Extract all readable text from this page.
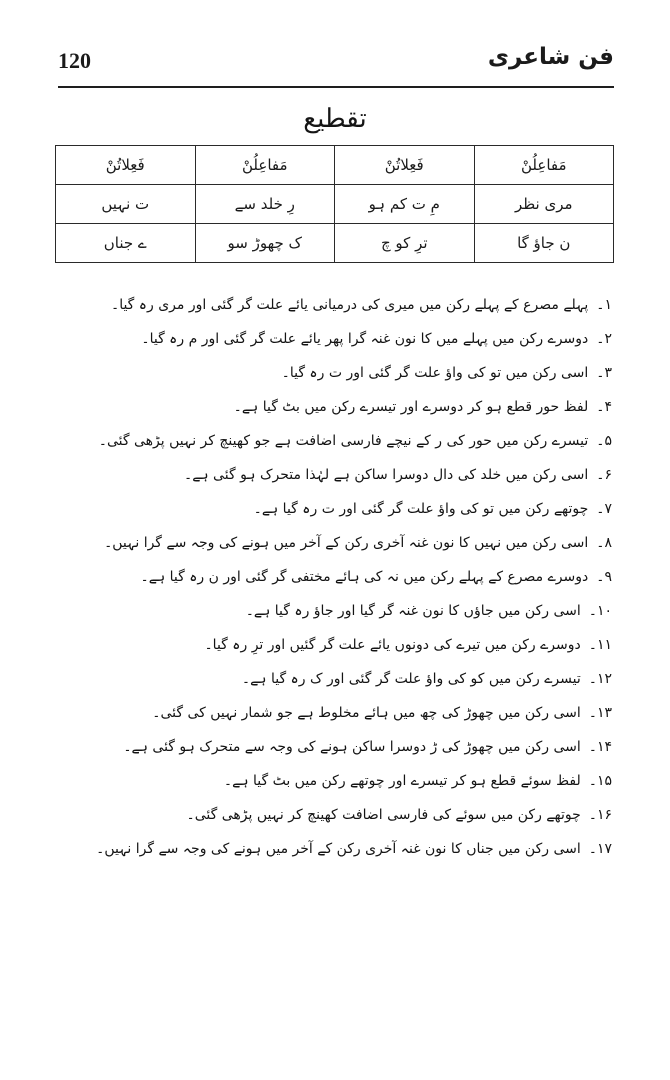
120	فن شاعری
تقطیع
مَفاعِلُنْ	فَعِلاتُنْ	مَفاعِلُنْ	فَعِلاتُنْ
مری نظر	مِ ت کم ہو	رِ خلد سے	ت نہیں
ن جاؤ گا	ترِ کو چ	ک چھوڑ سو	ے جناں
۱۔پہلے مصرع کے پہلے رکن میں میری کی درمیانی یائے علت گر گئی اور مری رہ گیا۔
۲۔دوسرے رکن میں پہلے میں کا نون غنہ گرا پھر یائے علت گر گئی اور م رہ گیا۔
۳۔اسی رکن میں تو کی واؤ علت گر گئی اور ت رہ گیا۔
۴۔لفظ حور قطع ہو کر دوسرے اور تیسرے رکن میں بٹ گیا ہے۔
۵۔تیسرے رکن میں حور کی ر کے نیچے فارسی اضافت ہے جو کھینچ کر نہیں پڑھی گئی۔
۶۔اسی رکن میں خلد کی دال دوسرا ساکن ہے لہٰذا متحرک ہو گئی ہے۔
۷۔چوتھے رکن میں تو کی واؤ علت گر گئی اور ت رہ گیا ہے۔
۸۔اسی رکن میں نہیں کا نون غنہ آخری رکن کے آخر میں ہونے کی وجہ سے گرا نہیں۔
۹۔دوسرے مصرع کے پہلے رکن میں نہ کی ہائے مختفی گر گئی اور ن رہ گیا ہے۔
۱۰۔اسی رکن میں جاؤں کا نون غنہ گر گیا اور جاؤ رہ گیا ہے۔
۱۱۔دوسرے رکن میں تیرے کی دونوں یائے علت گر گئیں اور ترِ رہ گیا۔
۱۲۔تیسرے رکن میں کو کی واؤ علت گر گئی اور ک رہ گیا ہے۔
۱۳۔اسی رکن میں چھوڑ کی چھ میں ہائے مخلوط ہے جو شمار نہیں کی گئی۔
۱۴۔اسی رکن میں چھوڑ کی ڑ دوسرا ساکن ہونے کی وجہ سے متحرک ہو گئی ہے۔
۱۵۔لفظ سوئے قطع ہو کر تیسرے اور چوتھے رکن میں بٹ گیا ہے۔
۱۶۔چوتھے رکن میں سوئے کی فارسی اضافت کھینچ کر نہیں پڑھی گئی۔
۱۷۔اسی رکن میں جناں کا نون غنہ آخری رکن کے آخر میں ہونے کی وجہ سے گرا نہیں۔
